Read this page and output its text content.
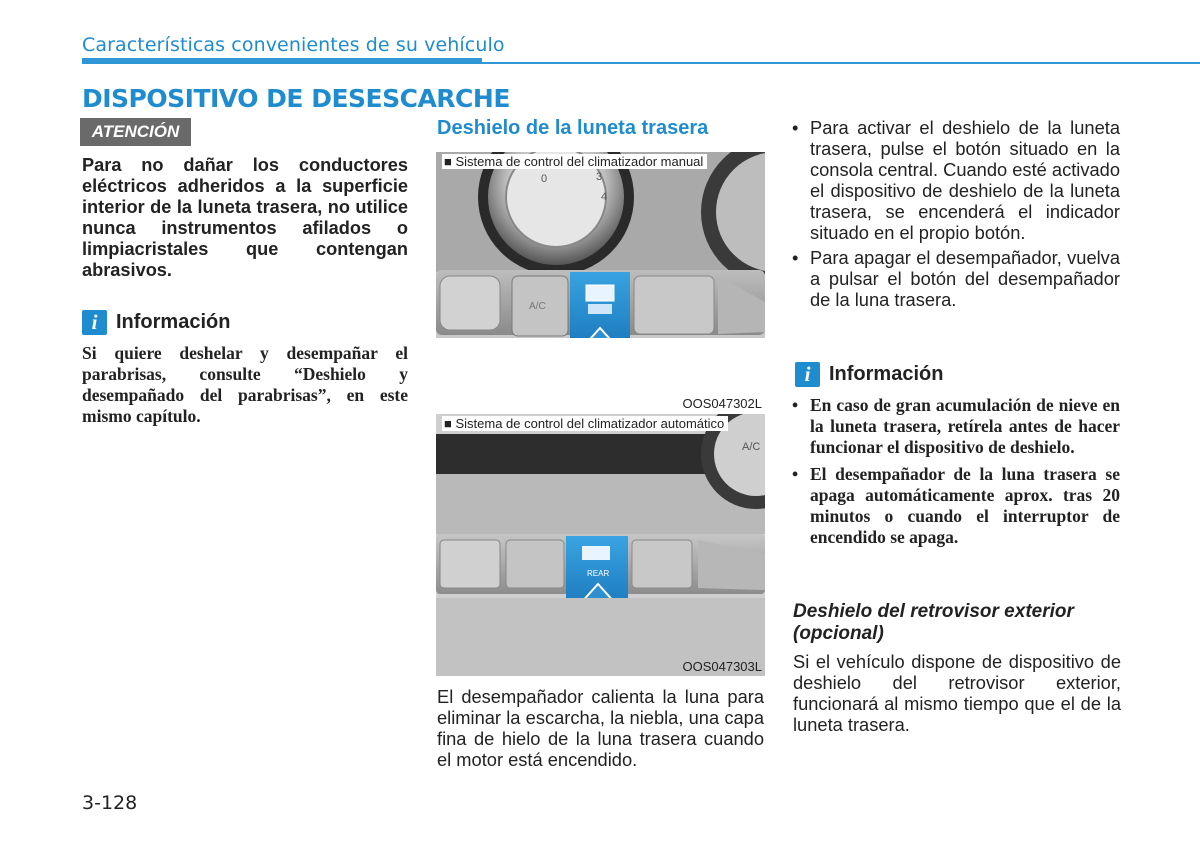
Características convenientes de su vehículo
DISPOSITIVO DE DESESCARCHE
ATENCIÓN
Para no dañar los conductores eléctricos adheridos a la superficie interior de la luneta trasera, no utilice nunca instrumentos afilados o limpiacristales que contengan abrasivos.
i Información
Si quiere deshelar y desempañar el parabrisas, consulte “Deshielo y desempañado del parabrisas”, en este mismo capítulo.
Deshielo de la luneta trasera
■ Sistema de control del climatizador manual
0	3
4
A/C
OOS047302L
■ Sistema de control del climatizador automático
A/C
REAR
OOS047303L
El desempañador calienta la luna para eliminar la escarcha, la niebla, una capa fina de hielo de la luna trasera cuando el motor está encendido.
• Para activar el deshielo de la luneta trasera, pulse el botón situado en la consola central. Cuando esté activado el dispositivo de deshielo de la luneta trasera, se encenderá el indicador situado en el propio botón.
• Para apagar el desempañador, vuelva a pulsar el botón del desempañador de la luna trasera.
i Información
• En caso de gran acumulación de nieve en la luneta trasera, retírela antes de hacer funcionar el dispositivo de deshielo.
• El desempañador de la luna trasera se apaga automáticamente aprox. tras 20 minutos o cuando el interruptor de encendido se apaga.
Deshielo del retrovisor exterior (opcional)
Si el vehículo dispone de dispositivo de deshielo del retrovisor exterior, funcionará al mismo tiempo que el de la luneta trasera.
3-128
